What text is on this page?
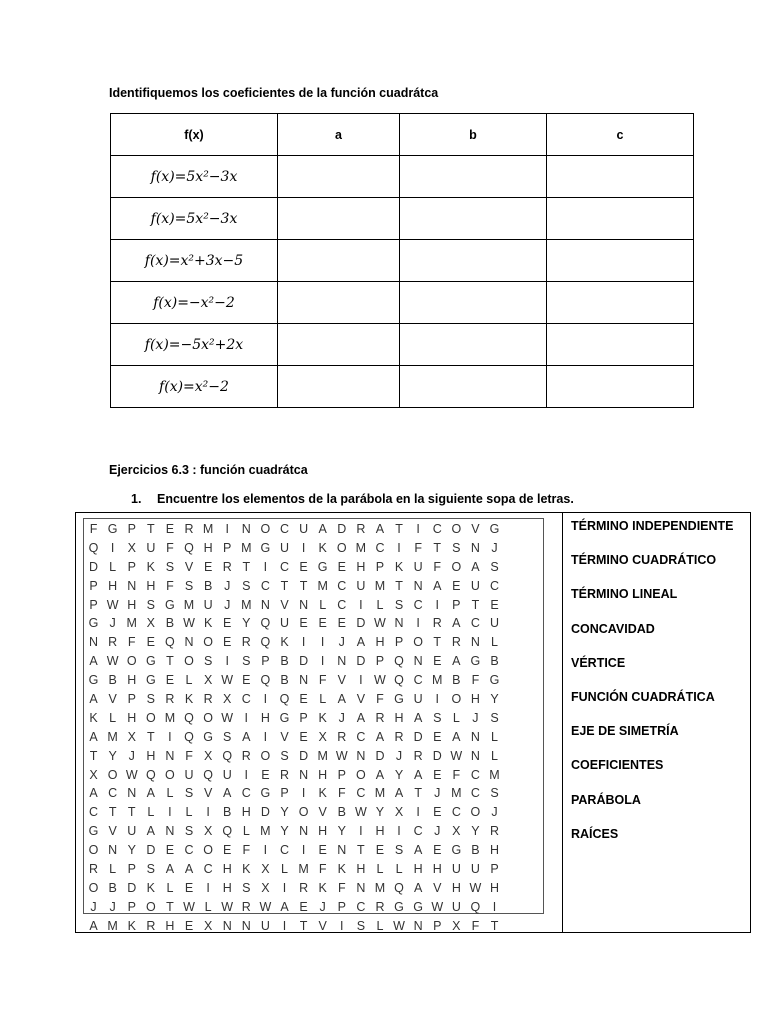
Identifiquemos los coeficientes de la función cuadrátca
f(x)	a	b	c
f(x)=5x²−3x			
f(x)=5x²−3x			
f(x)=x²+3x−5			
f(x)=−x²−2			
f(x)=−5x²+2x			
f(x)=x²−2			
Ejercicios 6.3 : función cuadrátca
1. Encuentre los elementos de la parábola en la siguiente sopa de letras.
F G P T E R M I	N O C U A D R A T	I	C O V G
Q I	X U F Q H P M G U	I	K O M C	I	F T S N J
D L P K S V E R T	I	C E G E H P K U F O A S
P H N H F S B J S C T T M C U M T N A E U C
P W H S G M U J M N V N L C	I	L S C	I	P T E
G J M X B W K E Y Q U E E E D W N	I	R A C U
N R F E Q N O E R Q K	I	I	J A H P O T R N L
A W O G T O S	I	S P B D	I	N D P Q N E A G B
G B H G E L X W E Q B N F V	I W Q C M B F G
A V P S R K R X C	I Q E L A V F G U	I O H Y
K L H O M Q O W I	H G P K J A R H A S L	J S
A M X T	I Q G S A	I	V E X R C A R D E A N L
T Y J H N F X Q R O S D M W N D J R D W N L
X O W Q O U Q U	I	E R N H P O A Y A E F C M
A C N A L S V A C G P	I	K F C M A T J M C S
C T T L	I	L	I	B H D Y O V B W Y X	I	E C O J
G V U A N S X Q L M Y N H Y	I	H	I	C J X Y R
O N Y D E C O E F	I	C	I	E N T E S A E G B H
R L P S A A C H K X L M F K H L L H H U U P
O B D K L E	I	H S X	I	R K F N M Q A V H W H
J	J P O T W L W R W A E J P C R G G W U Q I
A M K R H E X N N U	I	T V	I	S L W N P X F T
TÉRMINO INDEPENDIENTE
TÉRMINO CUADRÁTICO
TÉRMINO LINEAL
CONCAVIDAD
VÉRTICE
FUNCIÓN CUADRÁTICA
EJE DE SIMETRÍA
COEFICIENTES
PARÁBOLA
RAÍCES
